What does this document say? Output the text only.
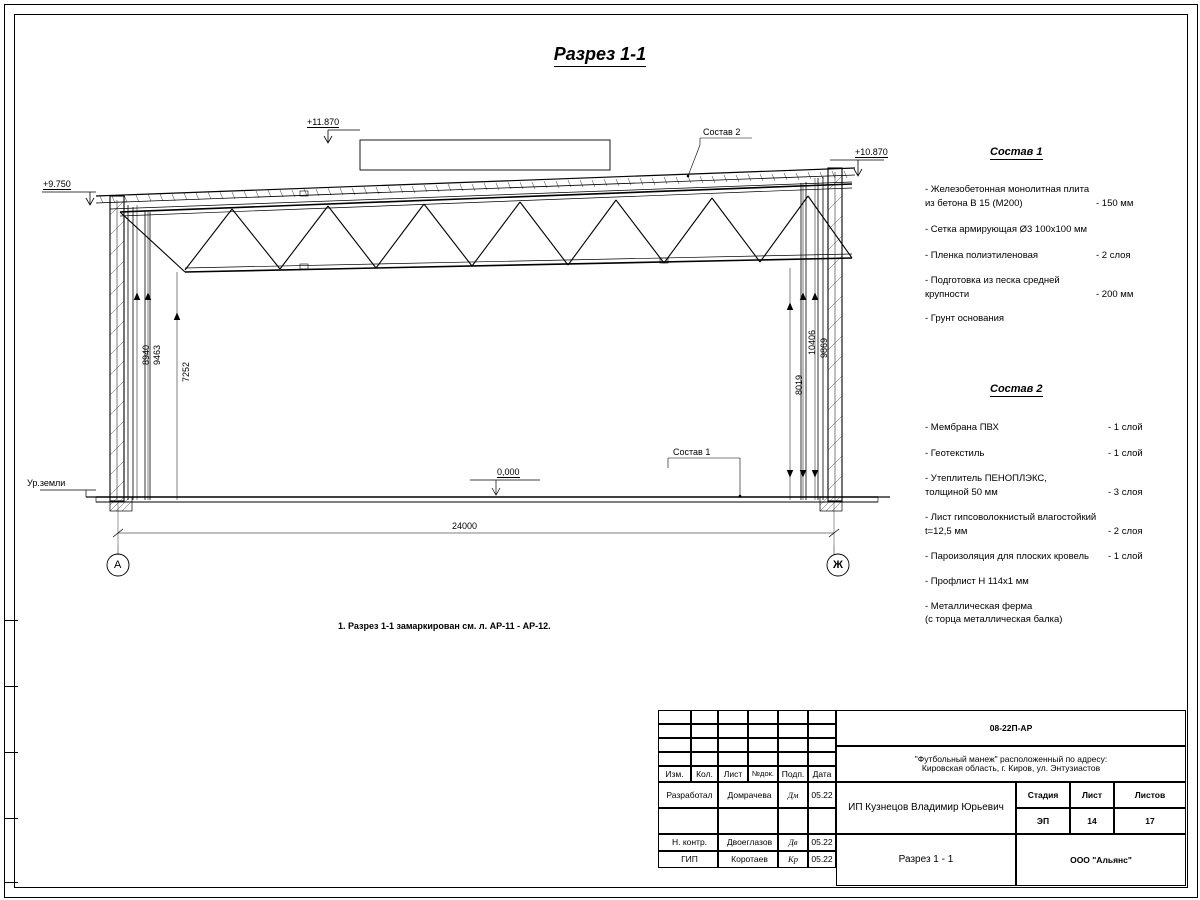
Разрез 1-1
+11.870
+10.870
+9.750
Ур.земли
0,000
Состав 2
Состав 1
8940 9463
7252
8019
10406 9869
24000
А	Ж
1. Разрез 1-1 замаркирован см. л. АР-11 - АР-12.
Состав 1
- Железобетонная монолитная плита
из бетона В 15 (М200)	- 150 мм
- Сетка армирующая Ø3 100х100 мм
- Пленка полиэтиленовая	- 2 слоя
- Подготовка из песка средней
крупности	- 200 мм
- Грунт основания
Состав 2
- Мембрана ПВХ	- 1 слой
- Геотекстиль	- 1 слой
- Утеплитель ПЕНОПЛЭКС,
толщиной 50 мм	- 3 слоя
- Лист гипсоволокнистый влагостойкий
t=12,5 мм	- 2 слоя
- Пароизоляция для плоских кровель - 1 слой
- Профлист Н 114х1 мм
- Металлическая ферма
(с торца металлическая балка)
08-22П-АР
"Футбольный манеж" расположенный по адресу:
Кировская область, г. Киров, ул. Энтузиастов
Изм.	Кол.	Лист	№док. Подп. Дата
Разработал	Домрачева	Дм	05.22
Н. контр.	Двоеглазов	Дв	05.22
ГИП	Коротаев	Кр	05.22
ИП Кузнецов Владимир Юрьевич
Разрез 1 - 1
Стадия	Лист	Листов
ЭП	14	17
ООО "Альянс"
